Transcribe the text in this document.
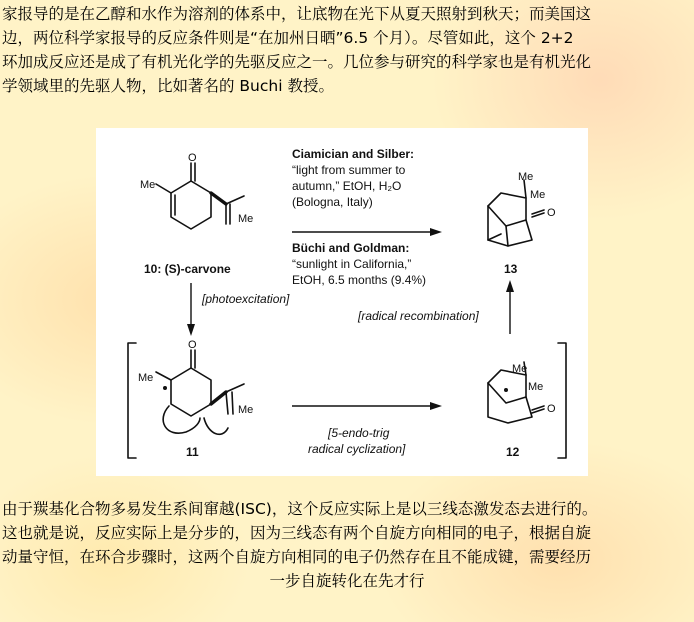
家报导的是在乙醇和水作为溶剂的体系中，让底物在光下从夏天照射到秋天；而美国这
边，两位科学家报导的反应条件则是“在加州日晒”6.5 个月）。尽管如此，这个 2+2
环加成反应还是成了有机光化学的先驱反应之一。几位参与研究的科学家也是有机光化
学领域里的先驱人物，比如著名的 Buchi 教授。

Me
O
Me
Me
O
Me
Me
Me
O
Me
Me
O
Ciamician and Silber:
“light from summer to
autumn,” EtOH, H₂O
(Bologna, Italy)
Büchi and Goldman:
“sunlight in California,”
EtOH, 6.5 months (9.4%)
10: (S)-carvone	13
11	12
[photoexcitation]
[radical recombination]
[5-endo-trig
radical cyclization]

由于羰基化合物多易发生系间窜越(ISC)，这个反应实际上是以三线态激发态去进行的。
这也就是说，反应实际上是分步的，因为三线态有两个自旋方向相同的电子，根据自旋
动量守恒，在环合步骤时，这两个自旋方向相同的电子仍然存在且不能成键，需要经历
一步自旋转化在先才行
